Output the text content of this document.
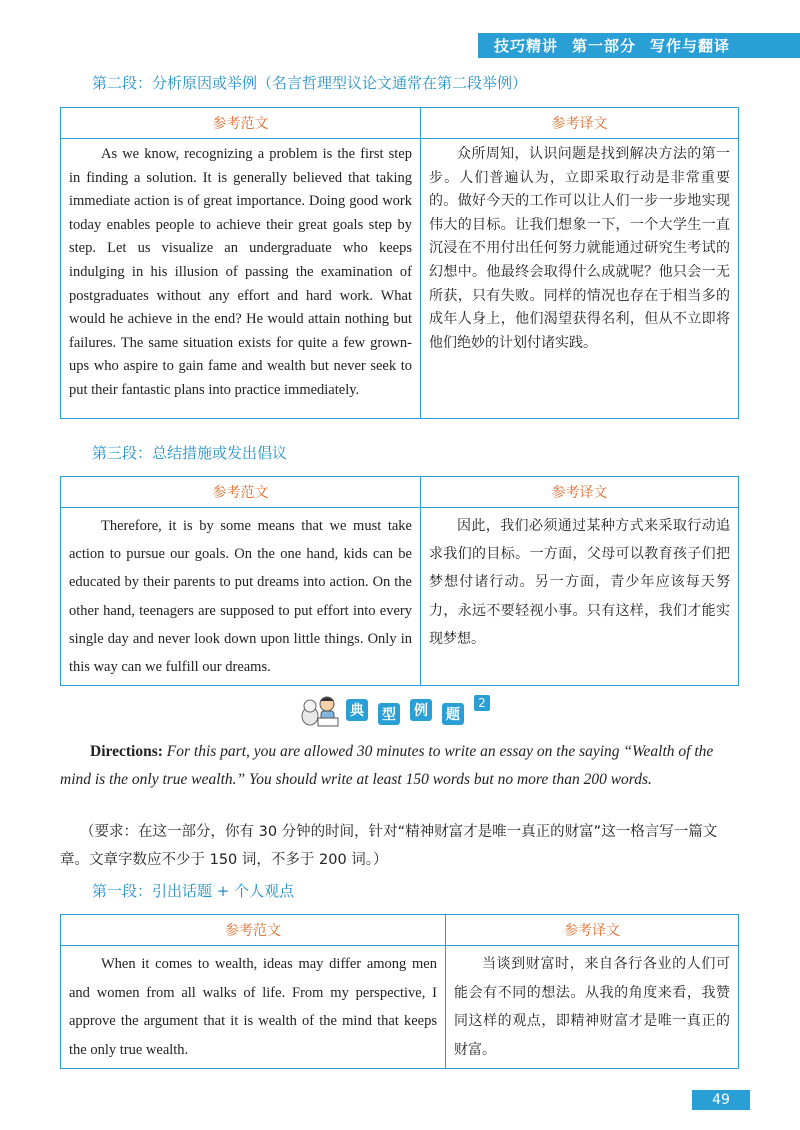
技巧精讲 第一部分 写作与翻译
第二段：分析原因或举例（名言哲理型议论文通常在第二段举例）
参考范文	参考译文
As we know, recognizing a problem is the first step in finding a solution. It is generally believed that taking immediate action is of great importance. Doing good work today enables people to achieve their great goals step by step. Let us visualize an undergraduate who keeps indulging in his illusion of passing the examination of postgraduates without any effort and hard work. What would he achieve in the end? He would attain nothing but failures. The same situation exists for quite a few grown-ups who aspire to gain fame and wealth but never seek to put their fantastic plans into practice immediately.	众所周知，认识问题是找到解决方法的第一步。人们普遍认为，立即采取行动是非常重要的。做好今天的工作可以让人们一步一步地实现伟大的目标。让我们想象一下，一个大学生一直沉浸在不用付出任何努力就能通过研究生考试的幻想中。他最终会取得什么成就呢？他只会一无所获，只有失败。同样的情况也存在于相当多的成年人身上，他们渴望获得名利，但从不立即将他们绝妙的计划付诸实践。
第三段：总结措施或发出倡议
参考范文	参考译文
Therefore, it is by some means that we must take action to pursue our goals. On the one hand, kids can be educated by their parents to put dreams into action. On the other hand, teenagers are supposed to put effort into every single day and never look down upon little things. Only in this way can we fulfill our dreams.	因此，我们必须通过某种方式来采取行动追求我们的目标。一方面，父母可以教育孩子们把梦想付诸行动。另一方面，青少年应该每天努力，永远不要轻视小事。只有这样，我们才能实现梦想。
典 型 例 题
2
Directions: For this part, you are allowed 30 minutes to write an essay on the saying “Wealth of the mind is the only true wealth.” You should write at least 150 words but no more than 200 words.
（要求：在这一部分，你有 30 分钟的时间，针对“精神财富才是唯一真正的财富”这一格言写一篇文章。文章字数应不少于 150 词，不多于 200 词。）
第一段：引出话题 + 个人观点
参考范文	参考译文
When it comes to wealth, ideas may differ among men and women from all walks of life. From my perspective, I approve the argument that it is wealth of the mind that keeps the only true wealth.	当谈到财富时，来自各行各业的人们可能会有不同的想法。从我的角度来看，我赞同这样的观点，即精神财富才是唯一真正的财富。
49
